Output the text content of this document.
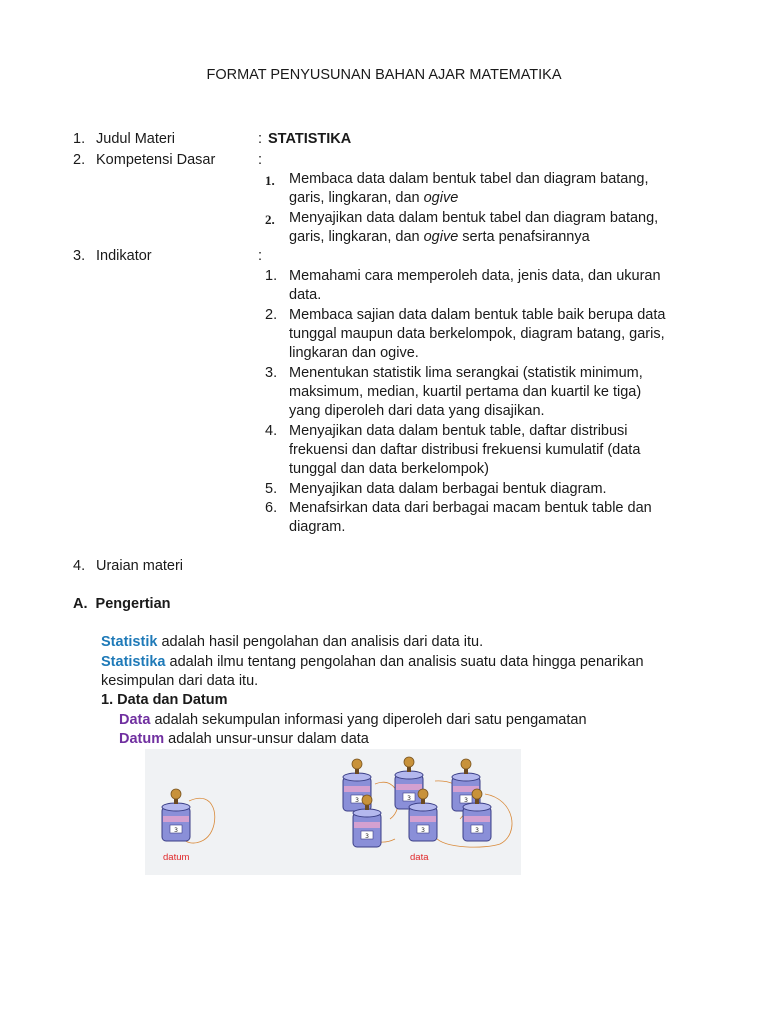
FORMAT PENYUSUNAN BAHAN AJAR MATEMATIKA
1. Judul Materi	: STATISTIKA
2. Kompetensi Dasar	:
1. Membaca data dalam bentuk tabel dan diagram batang,
garis, lingkaran, dan ogive
2. Menyajikan data dalam bentuk tabel dan diagram batang,
garis, lingkaran, dan ogive serta penafsirannya
3. Indikator	:
1. Memahami cara memperoleh data, jenis data, dan ukuran
data.
2. Membaca sajian data dalam bentuk table baik berupa data
tunggal maupun data berkelompok, diagram batang, garis,
lingkaran dan ogive.
3. Menentukan statistik lima serangkai (statistik minimum,
maksimum, median, kuartil pertama dan kuartil ke tiga)
yang diperoleh dari data yang disajikan.
4. Menyajikan data dalam bentuk table, daftar distribusi
frekuensi dan daftar distribusi frekuensi kumulatif (data
tunggal dan data berkelompok)
5. Menyajikan data dalam berbagai bentuk diagram.
6. Menafsirkan data dari berbagai macam bentuk table dan
diagram.
4. Uraian materi
A.  Pengertian
Statistik adalah hasil pengolahan dan analisis dari data itu.
Statistika adalah ilmu tentang pengolahan dan analisis suatu data hingga penarikan
kesimpulan dari data itu.
1. Data dan Datum
Data adalah sekumpulan informasi yang diperoleh dari satu pengamatan
Datum adalah unsur-unsur dalam data
3
datum	data
